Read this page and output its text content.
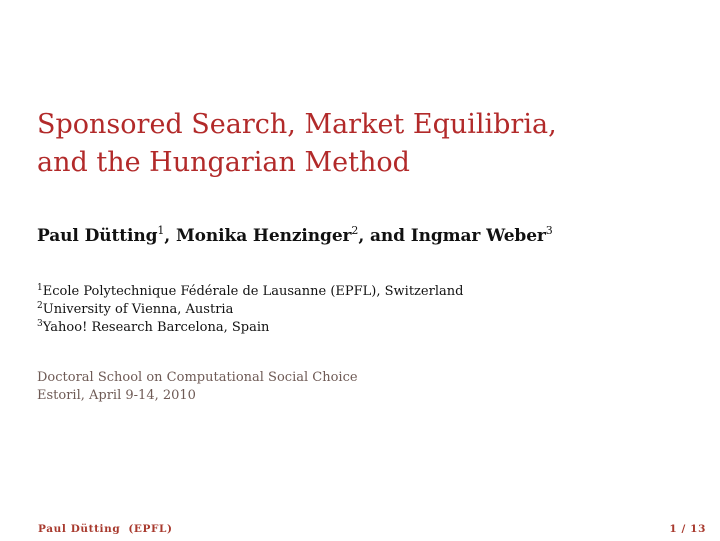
Sponsored Search, Market Equilibria,
and the Hungarian Method
Paul Dütting$^1$, Monika Henzinger$^2$, and Ingmar Weber$^3$
$^1$Ecole Polytechnique Fédérale de Lausanne (EPFL), Switzerland
$^2$University of Vienna, Austria
$^3$Yahoo! Research Barcelona, Spain
Doctoral School on Computational Social Choice
Estoril, April 9-14, 2010
Paul Dütting (EPFL)	1 / 13
